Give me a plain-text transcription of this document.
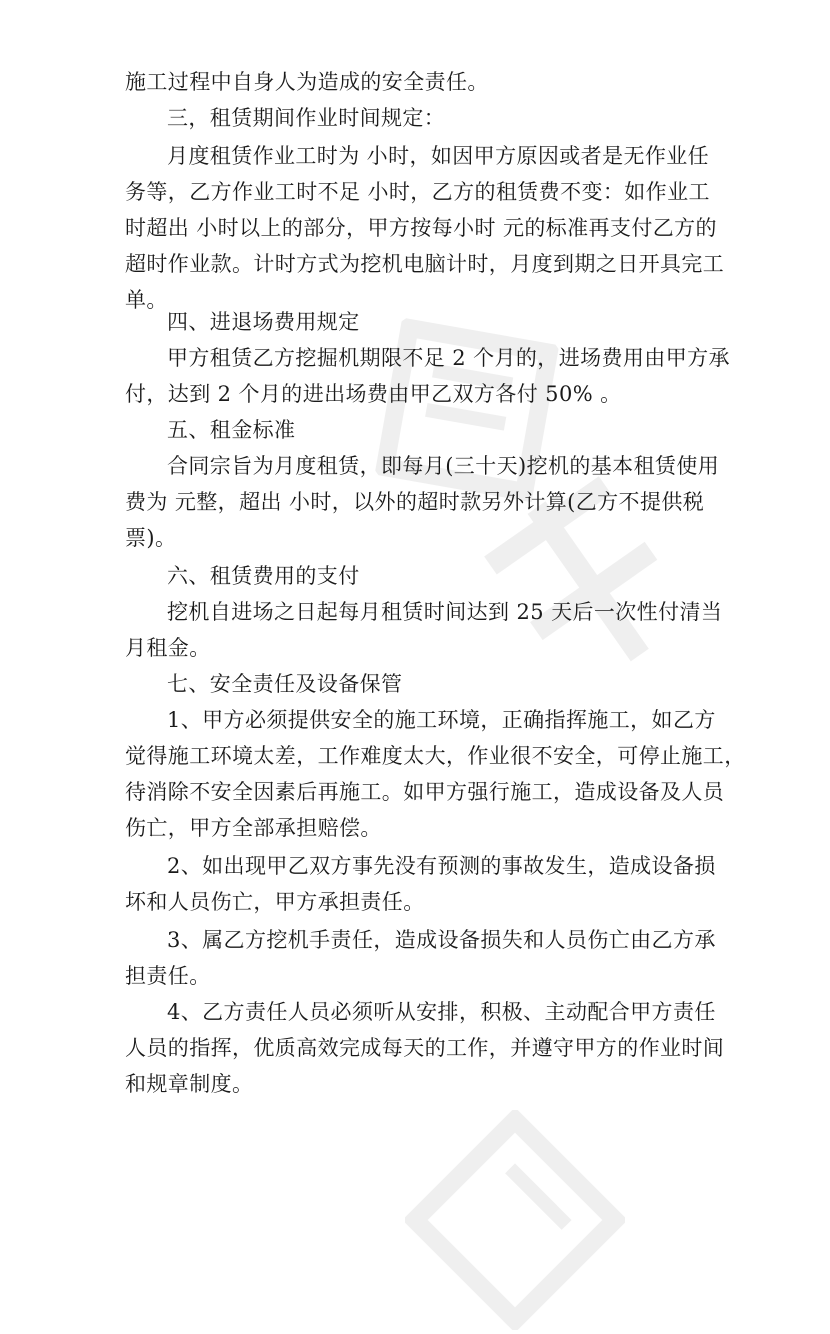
施工过程中自身人为造成的安全责任。
三，租赁期间作业时间规定：
月度租赁作业工时为 小时，如因甲方原因或者是无作业任
务等，乙方作业工时不足 小时，乙方的租赁费不变：如作业工
时超出 小时以上的部分，甲方按每小时 元的标准再支付乙方的
超时作业款。计时方式为挖机电脑计时，月度到期之日开具完工
单。
四、进退场费用规定
甲方租赁乙方挖掘机期限不足 2 个月的，进场费用由甲方承
付，达到 2 个月的进出场费由甲乙双方各付 50% 。
五、租金标准
合同宗旨为月度租赁，即每月(三十天)挖机的基本租赁使用
费为 元整，超出 小时，以外的超时款另外计算(乙方不提供税
票)。
六、租赁费用的支付
挖机自进场之日起每月租赁时间达到 25 天后一次性付清当
月租金。
七、安全责任及设备保管
1、甲方必须提供安全的施工环境，正确指挥施工，如乙方
觉得施工环境太差，工作难度太大，作业很不安全，可停止施工，
待消除不安全因素后再施工。如甲方强行施工，造成设备及人员
伤亡，甲方全部承担赔偿。
2、如出现甲乙双方事先没有预测的事故发生，造成设备损
坏和人员伤亡，甲方承担责任。
3、属乙方挖机手责任，造成设备损失和人员伤亡由乙方承
担责任。
4、乙方责任人员必须听从安排，积极、主动配合甲方责任
人员的指挥，优质高效完成每天的工作，并遵守甲方的作业时间
和规章制度。
